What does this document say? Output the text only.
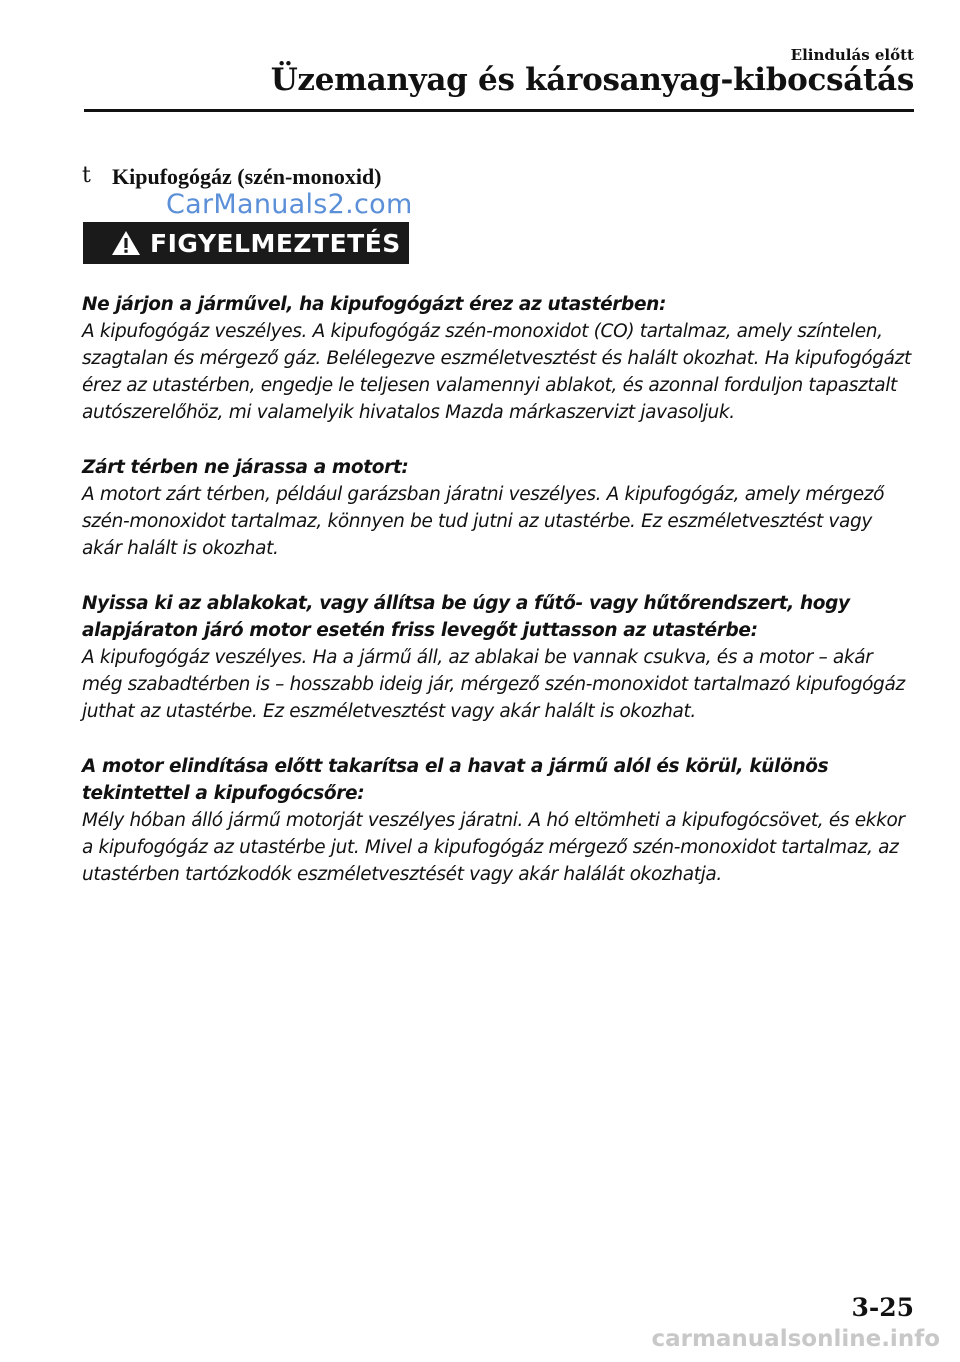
Elindulás előtt
Üzemanyag és károsanyag-kibocsátás
t Kipufogógáz (szén-monoxid)
CarManuals2.com
FIGYELMEZTETÉS

Ne járjon a járművel, ha kipufogógázt érez az utastérben:

A kipufogógáz veszélyes. A kipufogógáz szén-monoxidot (CO) tartalmaz, amely színtelen, szagtalan és mérgező gáz. Belélegezve eszméletvesztést és halált okozhat. Ha kipufogógázt érez az utastérben, engedje le teljesen valamennyi ablakot, és azonnal forduljon tapasztalt autószerelőhöz, mi valamelyik hivatalos Mazda márkaszervizt javasoljuk.

Zárt térben ne járassa a motort:

A motort zárt térben, például garázsban járatni veszélyes. A kipufogógáz, amely mérgező szén-monoxidot tartalmaz, könnyen be tud jutni az utastérbe. Ez eszméletvesztést vagy akár halált is okozhat.

Nyissa ki az ablakokat, vagy állítsa be úgy a fűtő- vagy hűtőrendszert, hogy alapjáraton járó motor esetén friss levegőt juttasson az utastérbe:

A kipufogógáz veszélyes. Ha a jármű áll, az ablakai be vannak csukva, és a motor – akár még szabadtérben is – hosszabb ideig jár, mérgező szén-monoxidot tartalmazó kipufogógáz juthat az utastérbe. Ez eszméletvesztést vagy akár halált is okozhat.

A motor elindítása előtt takarítsa el a havat a jármű alól és körül, különös tekintettel a kipufogócsőre:

Mély hóban álló jármű motorját veszélyes járatni. A hó eltömheti a kipufogócsövet, és ekkor a kipufogógáz az utastérbe jut. Mivel a kipufogógáz mérgező szén-monoxidot tartalmaz, az utastérben tartózkodók eszméletvesztését vagy akár halálát okozhatja.

3-25
carmanualsonline.info
